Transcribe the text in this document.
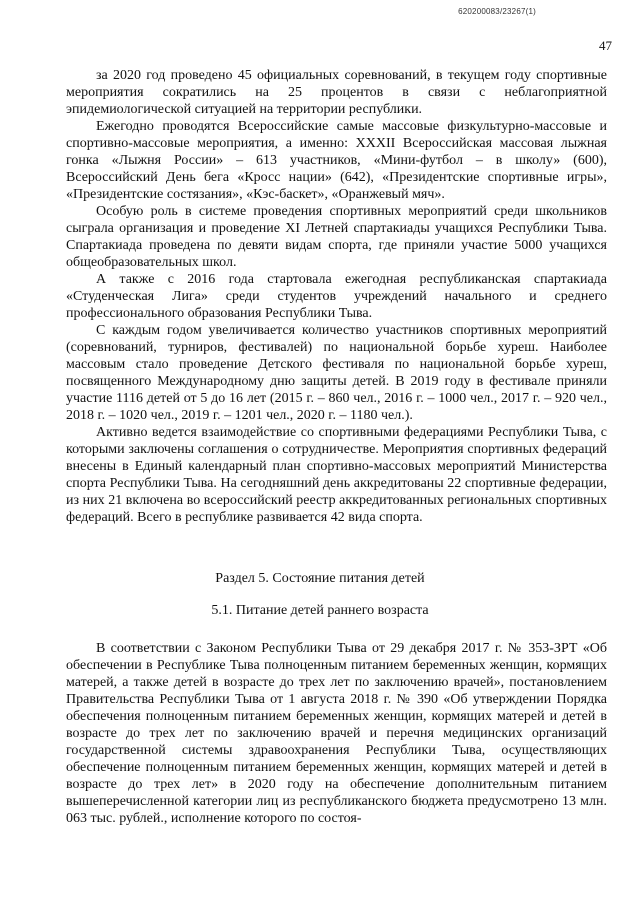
620200083/23267(1)
47

за 2020 год проведено 45 официальных соревнований, в текущем году спортивные мероприятия сократились на 25 процентов в связи с неблагоприятной эпидемиологической ситуацией на территории республики.

Ежегодно проводятся Всероссийские самые массовые физкультурно-массовые и спортивно-массовые мероприятия, а именно: XXXII Всероссийская массовая лыжная гонка «Лыжня России» – 613 участников, «Мини-футбол – в школу» (600), Всероссийский День бега «Кросс нации» (642), «Президентские спортивные игры», «Президентские состязания», «Кэс-баскет», «Оранжевый мяч».

Особую роль в системе проведения спортивных мероприятий среди школьников сыграла организация и проведение XI Летней спартакиады учащихся Республики Тыва. Спартакиада проведена по девяти видам спорта, где приняли участие 5000 учащихся общеобразовательных школ.

А также с 2016 года стартовала ежегодная республиканская спартакиада «Студенческая Лига» среди студентов учреждений начального и среднего профессионального образования Республики Тыва.

С каждым годом увеличивается количество участников спортивных мероприятий (соревнований, турниров, фестивалей) по национальной борьбе хуреш. Наиболее массовым стало проведение Детского фестиваля по национальной борьбе хуреш, посвященного Международному дню защиты детей. В 2019 году в фестивале приняли участие 1116 детей от 5 до 16 лет (2015 г. – 860 чел., 2016 г. – 1000 чел., 2017 г. – 920 чел., 2018 г. – 1020 чел., 2019 г. – 1201 чел., 2020 г. – 1180 чел.).

Активно ведется взаимодействие со спортивными федерациями Республики Тыва, с которыми заключены соглашения о сотрудничестве. Мероприятия спортивных федераций внесены в Единый календарный план спортивно-массовых мероприятий Министерства спорта Республики Тыва. На сегодняшний день аккредитованы 22 спортивные федерации, из них 21 включена во всероссийский реестр аккредитованных региональных спортивных федераций. Всего в республике развивается 42 вида спорта.

Раздел 5. Состояние питания детей
5.1. Питание детей раннего возраста

В соответствии с Законом Республики Тыва от 29 декабря 2017 г. № 353-ЗРТ «Об обеспечении в Республике Тыва полноценным питанием беременных женщин, кормящих матерей, а также детей в возрасте до трех лет по заключению врачей», постановлением Правительства Республики Тыва от 1 августа 2018 г. № 390 «Об утверждении Порядка обеспечения полноценным питанием беременных женщин, кормящих матерей и детей в возрасте до трех лет по заключению врачей и перечня медицинских организаций государственной системы здравоохранения Республики Тыва, осуществляющих обеспечение полноценным питанием беременных женщин, кормящих матерей и детей в возрасте до трех лет» в 2020 году на обеспечение дополнительным питанием вышеперечисленной категории лиц из республиканского бюджета предусмотрено 13 млн. 063 тыс. рублей., исполнение которого по состоя-
